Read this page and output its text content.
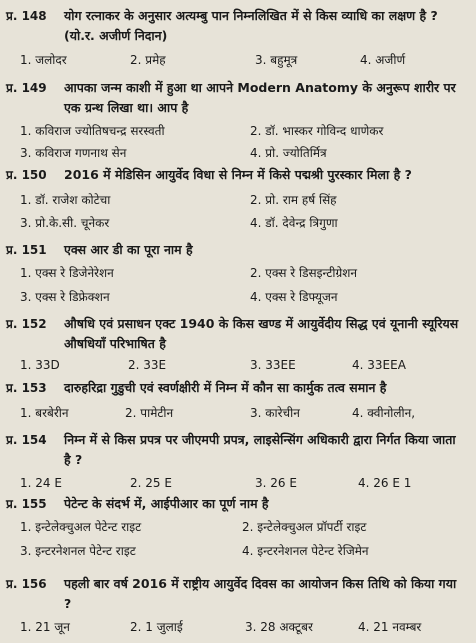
प्र. 148 योग रत्नाकर के अनुसार अत्यम्बु पान निम्नलिखित में से किस व्याधि का लक्षण है ? (यो.र. अजीर्ण निदान)
1. जलोदर	2. प्रमेह	3. बहुमूत्र	4. अजीर्ण
प्र. 149 आपका जन्म काशी में हुआ था आपने Modern Anatomy के अनुरूप शारीर पर एक ग्रन्थ लिखा था। आप है
1. कविराज ज्योतिषचन्द्र सरस्वती	2. डॉ. भास्कर गोविन्द धाणेकर
3. कविराज गणनाथ सेन	4. प्रो. ज्योतिर्मित्र
प्र. 150 2016 में मेडिसिन आयुर्वेद विधा से निम्न में किसे पद्मश्री पुरस्कार मिला है ?
1. डॉ. राजेश कोटेचा	2. प्रो. राम हर्ष सिंह
3. प्रो.के.सी. चूनेकर	4. डॉ. देवेन्द्र त्रिगुणा
प्र. 151 एक्स आर डी का पूरा नाम है
1. एक्स रे डिजेनेरेशन	2. एक्स रे डिसइन्टीग्रेशन
3. एक्स रे डिफ्रेक्शन	4. एक्स रे डिफ्यूजन
प्र. 152 औषधि एवं प्रसाधन एक्ट 1940 के किस खण्ड में आयुर्वेदीय सिद्ध एवं यूनानी स्यूरियस औषधियाँ परिभाषित है
1. 33D	2. 33E	3. 33EE	4. 33EEA
प्र. 153 दारुहरिद्रा गुडुची एवं स्वर्णक्षीरी में निम्न में कौन सा कार्मुक तत्व समान है
1. बरबेरीन	2. पामेटीन	3. कारेचीन	4. क्वीनोलीन,
प्र. 154 निम्न में से किस प्रपत्र पर जीएमपी प्रपत्र, लाइसेन्सिंग अधिकारी द्वारा निर्गत किया जाता है ?
1. 24 E	2. 25 E	3. 26 E	4. 26 E 1
प्र. 155 पेटेन्ट के संदर्भ में, आईपीआर का पूर्ण नाम है
1. इन्टेलेक्चुअल पेटेन्ट राइट	2. इन्टेलेक्चुअल प्रॉपर्टी राइट
3. इन्टरनेशनल पेटेन्ट राइट	4. इन्टरनेशनल पेटेन्ट रेजिमेन
प्र. 156 पहली बार वर्ष 2016 में राष्ट्रीय आयुर्वेद दिवस का आयोजन किस तिथि को किया गया ?
1. 21 जून	2. 1 जुलाई	3. 28 अक्टूबर	4. 21 नवम्बर
